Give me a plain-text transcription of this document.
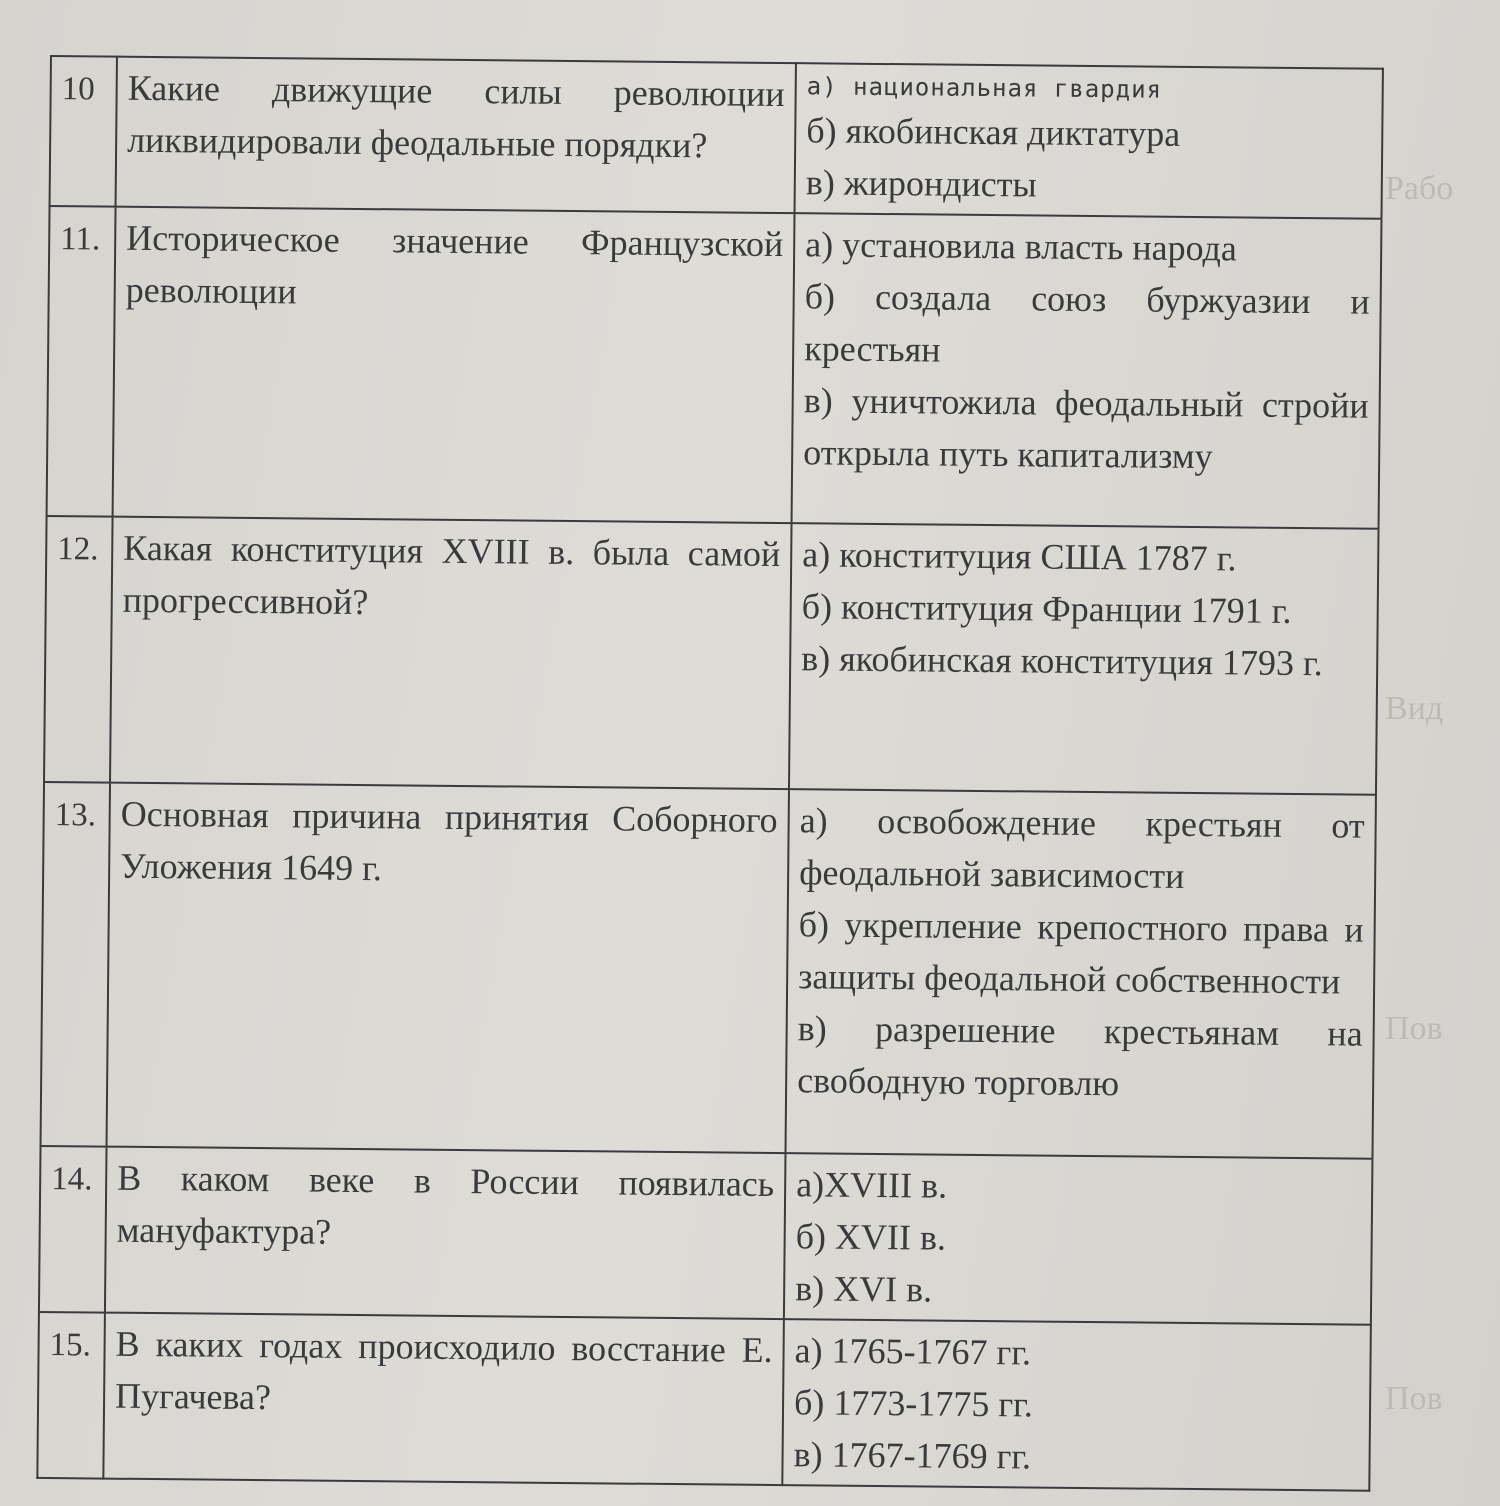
Рабо
Вид
Пов
Пов
10	Какие движущие силы революции ликвидировали феодальные порядки?	а) национальная гвардия
б) якобинская диктатура
в) жирондисты

11.	Историческое значение Французской революции	а) установила власть народа
б) создала союз буржуазии и крестьян
в) уничтожила феодальный стройи открыла путь капитализму

12.	Какая конституция XVIII в. была самой прогрессивной?	а) конституция США 1787 г.
б) конституция Франции 1791 г.
в) якобинская конституция 1793 г.

13.	Основная причина принятия Соборного Уложения 1649 г.	а) освобождение крестьян от феодальной зависимости
б) укрепление крепостного права и защиты феодальной собственности
в) разрешение крестьянам на свободную торговлю

14.	В каком веке в России появилась мануфактура?	а)XVIII в.
б) XVII в.
в) XVI в.

15.	В каких годах происходило восстание Е. Пугачева?	а) 1765-1767 гг.
б) 1773-1775 гг.
в) 1767-1769 гг.
